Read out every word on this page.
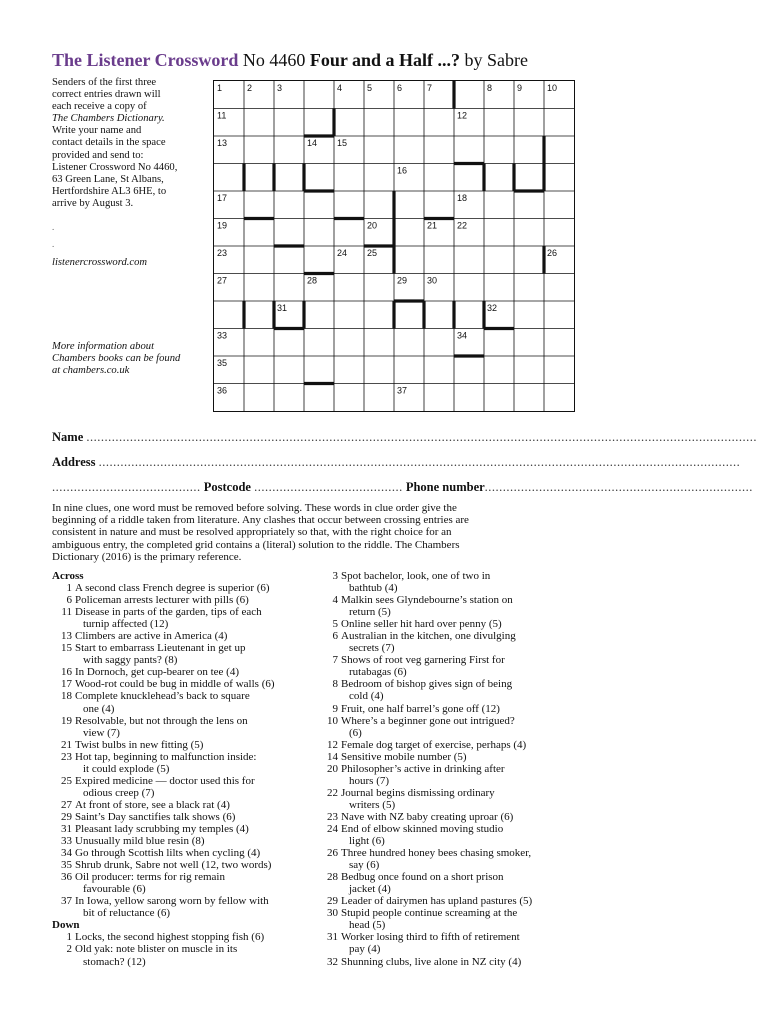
The Listener Crossword No 4460 Four and a Half ...? by Sabre
Senders of the first three
correct entries drawn will
each receive a copy of
The Chambers Dictionary.
Write your name and
contact details in the space
provided and send to:
Listener Crossword No 4460,
63 Green Lane, St Albans,
Hertfordshire AL3 6HE, to
arrive by August 3.
.
.
listenercrossword.com
More information about
Chambers books can be found
at chambers.co.uk
1	2	3	4	5	6	7	8	9	10
11	12
13	14 15
16
17	18
19	20	21 22
23	24 25	26
27	28	29 30
31	32
33	34
35
36	37
Name .........................................................................................................................................................................................
Address .................................................................................................................................................................................
......................................... Postcode ......................................... Phone number..........................................................................
In nine clues, one word must be removed before solving. These words in clue order give the
beginning of a riddle taken from literature. Any clashes that occur between crossing entries are
consistent in nature and must be resolved appropriately so that, with the right choice for an
ambiguous entry, the completed grid contains a (literal) solution to the riddle. The Chambers
Dictionary (2016) is the primary reference.
Across
1 A second class French degree is superior (6)
6 Policeman arrests lecturer with pills (6)
11 Disease in parts of the garden, tips of each
turnip affected (12)
13 Climbers are active in America (4)
15 Start to embarrass Lieutenant in get up
with saggy pants? (8)
16 In Dornoch, get cup-bearer on tee (4)
17 Wood-rot could be bug in middle of walls (6)
18 Complete knucklehead’s back to square
one (4)
19 Resolvable, but not through the lens on
view (7)
21 Twist bulbs in new fitting (5)
23 Hot tap, beginning to malfunction inside:
it could explode (5)
25 Expired medicine — doctor used this for
odious creep (7)
27 At front of store, see a black rat (4)
29 Saint’s Day sanctifies talk shows (6)
31 Pleasant lady scrubbing my temples (4)
33 Unusually mild blue resin (8)
34 Go through Scottish lilts when cycling (4)
35 Shrub drunk, Sabre not well (12, two words)
36 Oil producer: terms for rig remain
favourable (6)
37 In Iowa, yellow sarong worn by fellow with
bit of reluctance (6)
Down
1 Locks, the second highest stopping fish (6)
2 Old yak: note blister on muscle in its
stomach? (12)
3 Spot bachelor, look, one of two in
bathtub (4)
4 Malkin sees Glyndebourne’s station on
return (5)
5 Online seller hit hard over penny (5)
6 Australian in the kitchen, one divulging
secrets (7)
7 Shows of root veg garnering First for
rutabagas (6)
8 Bedroom of bishop gives sign of being
cold (4)
9 Fruit, one half barrel’s gone off (12)
10 Where’s a beginner gone out intrigued?
(6)
12 Female dog target of exercise, perhaps (4)
14 Sensitive mobile number (5)
20 Philosopher’s active in drinking after
hours (7)
22 Journal begins dismissing ordinary
writers (5)
23 Nave with NZ baby creating uproar (6)
24 End of elbow skinned moving studio
light (6)
26 Three hundred honey bees chasing smoker,
say (6)
28 Bedbug once found on a short prison
jacket (4)
29 Leader of dairymen has upland pastures (5)
30 Stupid people continue screaming at the
head (5)
31 Worker losing third to fifth of retirement
pay (4)
32 Shunning clubs, live alone in NZ city (4)
